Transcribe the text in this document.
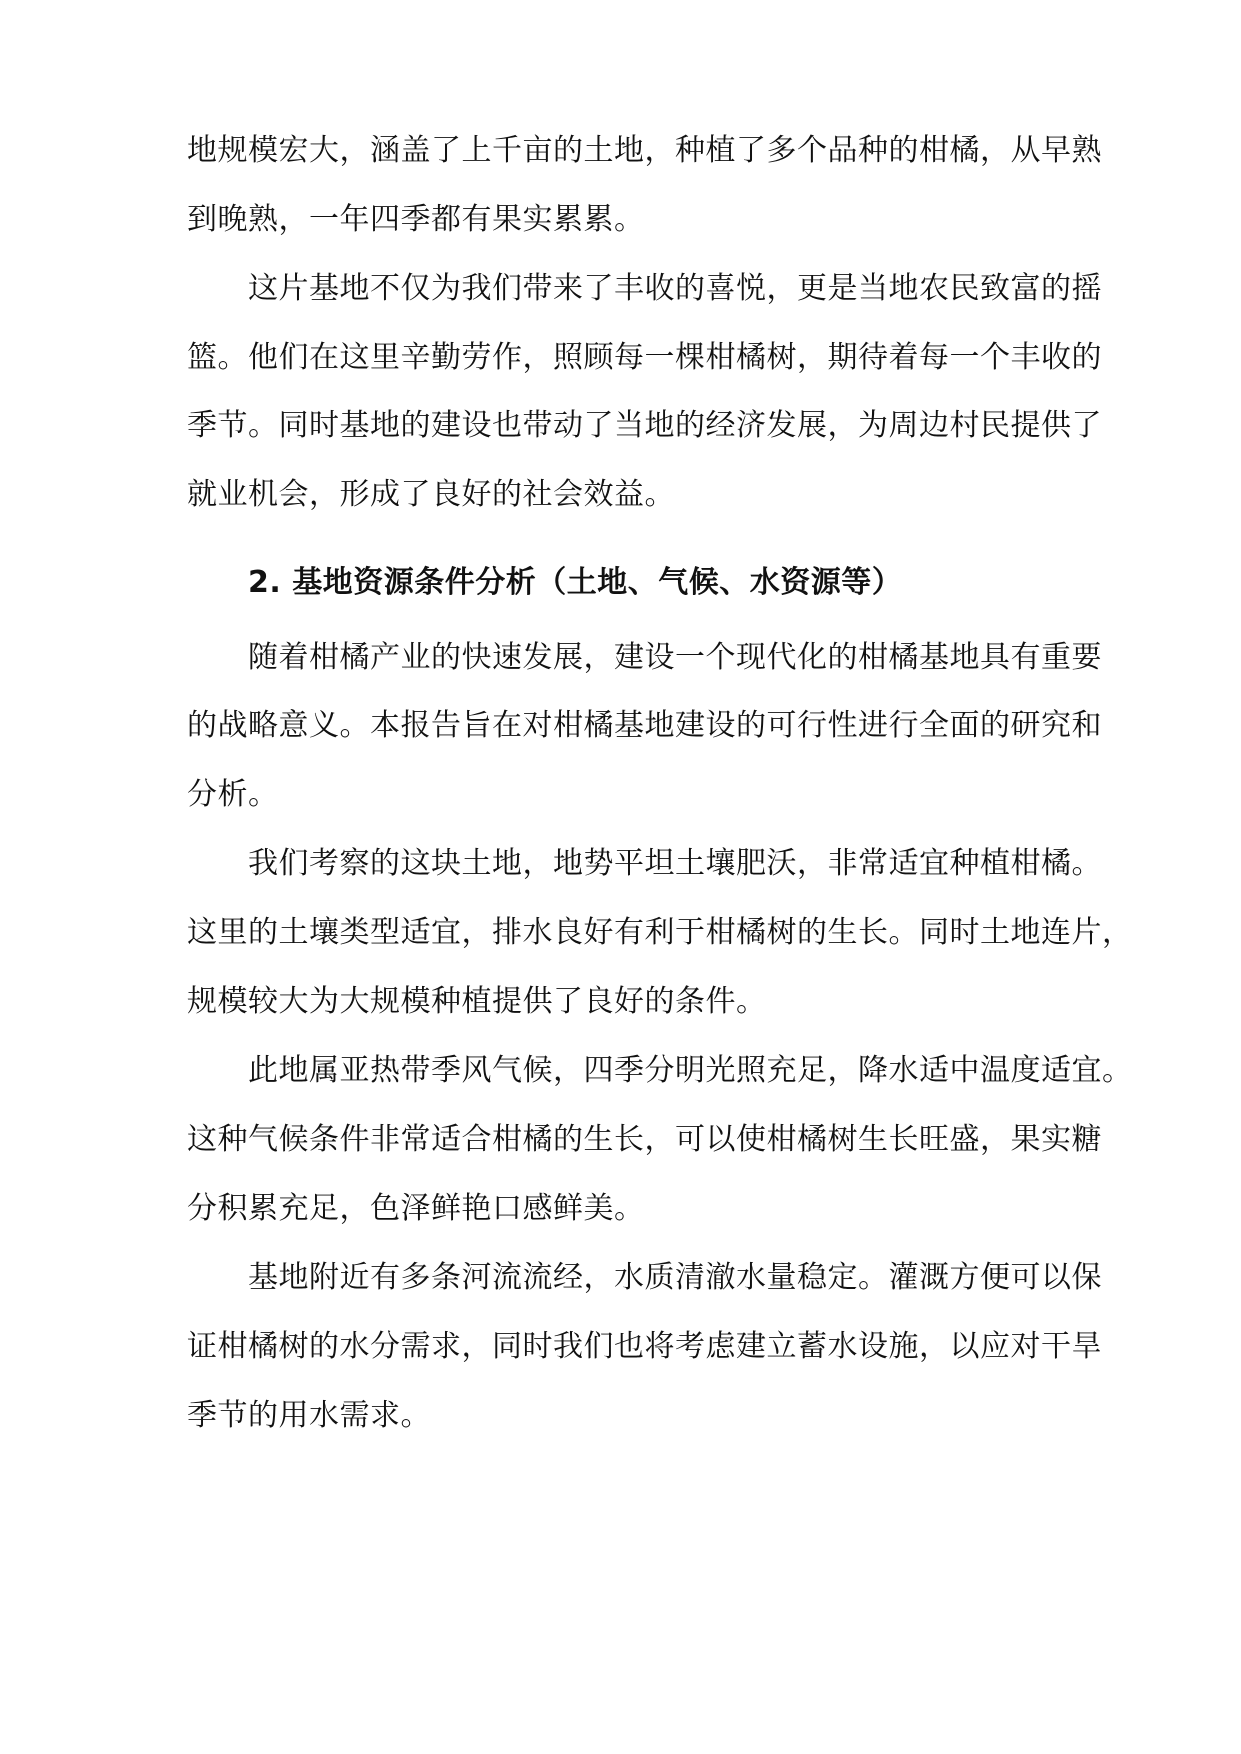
地规模宏大，涵盖了上千亩的土地，种植了多个品种的柑橘，从早熟
到晚熟，一年四季都有果实累累。
这片基地不仅为我们带来了丰收的喜悦，更是当地农民致富的摇
篮。他们在这里辛勤劳作，照顾每一棵柑橘树，期待着每一个丰收的
季节。同时基地的建设也带动了当地的经济发展，为周边村民提供了
就业机会，形成了良好的社会效益。
2. 基地资源条件分析（土地、气候、水资源等）
随着柑橘产业的快速发展，建设一个现代化的柑橘基地具有重要
的战略意义。本报告旨在对柑橘基地建设的可行性进行全面的研究和
分析。
我们考察的这块土地，地势平坦土壤肥沃，非常适宜种植柑橘。
这里的土壤类型适宜，排水良好有利于柑橘树的生长。同时土地连片，
规模较大为大规模种植提供了良好的条件。
此地属亚热带季风气候，四季分明光照充足，降水适中温度适宜。
这种气候条件非常适合柑橘的生长，可以使柑橘树生长旺盛，果实糖
分积累充足，色泽鲜艳口感鲜美。
基地附近有多条河流流经，水质清澈水量稳定。灌溉方便可以保
证柑橘树的水分需求，同时我们也将考虑建立蓄水设施，以应对干旱
季节的用水需求。
